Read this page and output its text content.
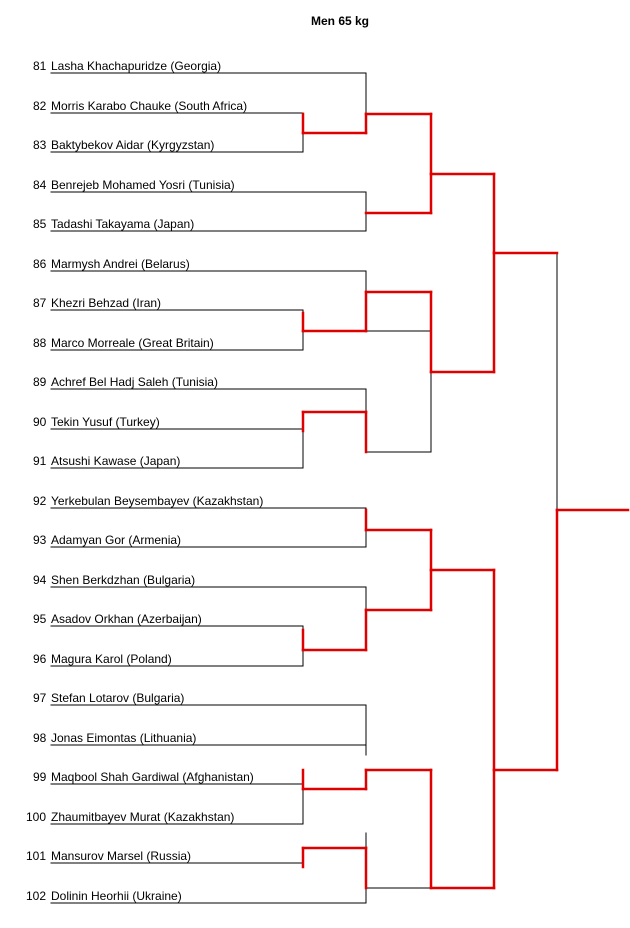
Men 65 kg
81 Lasha Khachapuridze (Georgia)
82 Morris Karabo Chauke (South Africa)
83 Baktybekov Aidar (Kyrgyzstan)
84 Benrejeb Mohamed Yosri (Tunisia)
85 Tadashi Takayama (Japan)
86 Marmysh Andrei (Belarus)
87 Khezri Behzad (Iran)
88 Marco Morreale (Great Britain)
89 Achref Bel Hadj Saleh (Tunisia)
90 Tekin Yusuf (Turkey)
91 Atsushi Kawase (Japan)
92 Yerkebulan Beysembayev (Kazakhstan)
93 Adamyan Gor (Armenia)
94 Shen Berkdzhan (Bulgaria)
95 Asadov Orkhan (Azerbaijan)
96 Magura Karol (Poland)
97 Stefan Lotarov (Bulgaria)
98 Jonas Eimontas (Lithuania)
99 Maqbool Shah Gardiwal (Afghanistan)
100 Zhaumitbayev Murat (Kazakhstan)
101 Mansurov Marsel (Russia)
102 Dolinin Heorhii (Ukraine)
